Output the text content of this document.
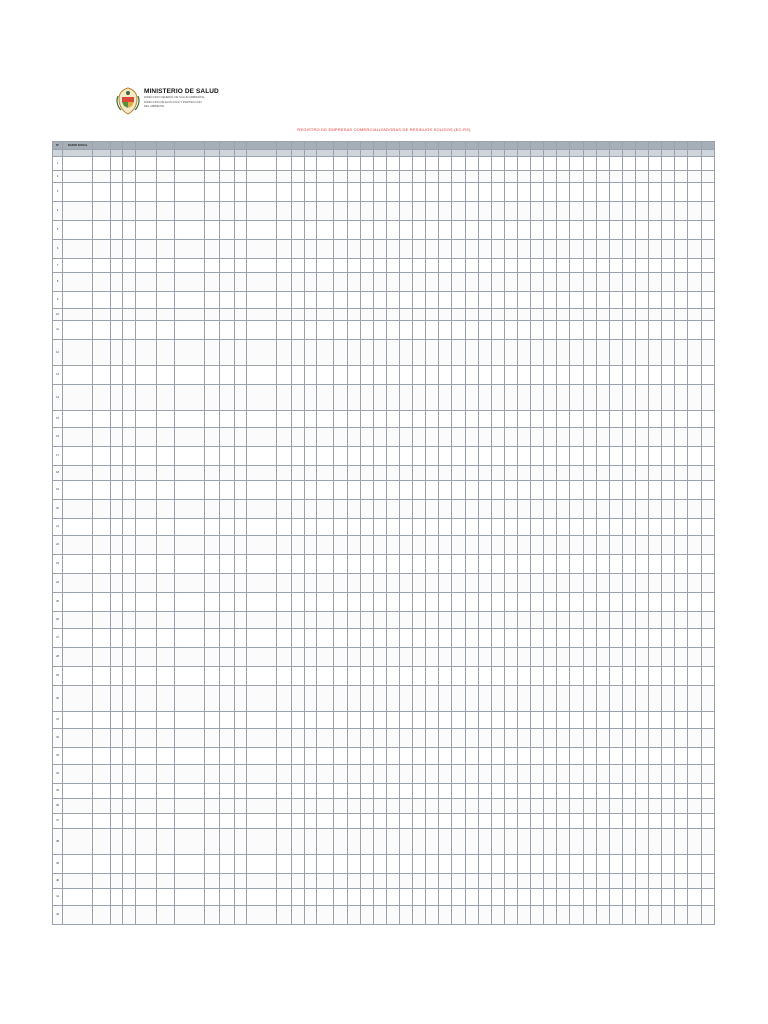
MINISTERIO DE SALUD
DIRECCION GENERAL DE SALUD AMBIENTAL
DIRECCION DE ECOLOGIA Y PROTECCION
DEL AMBIENTE
REGISTRO DE EMPRESAS COMERCIALIZADORAS DE RESIDUOS SOLIDOS (EC-RS)
Nº	RAZON SOCIAL																																											

1																																												
2																																												
3																																												
4																																												
5																																												
6																																												
7																																												
8																																												
9																																												
10																																												
11																																												
12																																												
13																																												
14																																												
15																																												
16																																												
17																																												
18																																												
19																																												
20																																												
21																																												
22																																												
23																																												
24																																												
25																																												
26																																												
27																																												
28																																												
29																																												
30																																												
31																																												
32																																												
33																																												
34																																												
35																																												
36																																												
37																																												
38																																												
39																																												
40																																												
41																																												
42																																												
